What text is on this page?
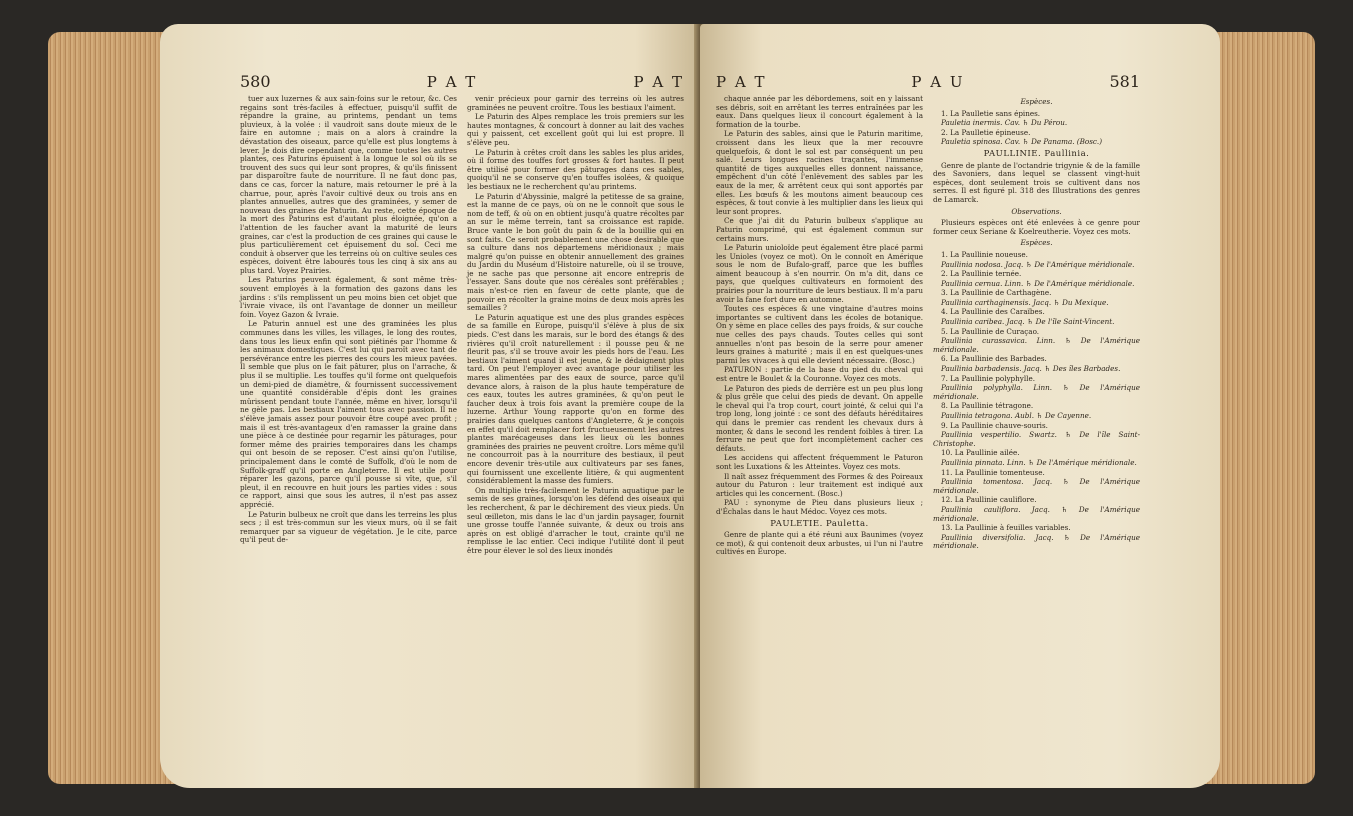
580	P A T	P A T

tuer aux luzernes & aux sain-foins sur le retour, &c. Ces regains sont très-faciles à effectuer, puisqu'il suffit de répandre la graine, au printems, pendant un tems pluvieux, à la volée : il vaudroit sans doute mieux de le faire en automne ; mais on a alors à craindre la dévastation des oiseaux, parce qu'elle est plus longtems à lever. Je dois dire cependant que, comme toutes les autres plantes, ces Paturins épuisent à la longue le sol où ils se trouvent des sucs qui leur sont propres, & qu'ils finissent par disparoître faute de nourriture. Il ne faut donc pas, dans ce cas, forcer la nature, mais retourner le pré à la charrue, pour, après l'avoir cultivé deux ou trois ans en plantes annuelles, autres que des graminées, y semer de nouveau des graines de Paturin. Au reste, cette époque de la mort des Paturins est d'autant plus éloignée, qu'on a l'attention de les faucher avant la maturité de leurs graines, car c'est la production de ces graines qui cause le plus particulièrement cet épuisement du sol. Ceci me conduit à observer que les terreins où on cultive seules ces espèces, doivent être labourés tous les cinq à six ans au plus tard. Voyez Prairies.

Les Paturins peuvent également, & sont même très-souvent employés à la formation des gazons dans les jardins : s'ils remplissent un peu moins bien cet objet que l'ivraie vivace, ils ont l'avantage de donner un meilleur foin. Voyez Gazon & Ivraie.

Le Paturin annuel est une des graminées les plus communes dans les villes, les villages, le long des routes, dans tous les lieux enfin qui sont piétinés par l'homme & les animaux domestiques. C'est lui qui paroît avec tant de persévérance entre les pierres des cours les mieux pavées. Il semble que plus on le fait pâturer, plus on l'arrache, & plus il se multiplie. Les touffes qu'il forme ont quelquefois un demi-pied de diamètre, & fournissent successivement une quantité considérable d'épis dont les graines mûrissent pendant toute l'année, même en hiver, lorsqu'il ne gèle pas. Les bestiaux l'aiment tous avec passion. Il ne s'élève jamais assez pour pouvoir être coupé avec profit ; mais il est très-avantageux d'en ramasser la graine dans une pièce à ce destinée pour regarnir les pâturages, pour former même des prairies temporaires dans les champs qui ont besoin de se reposer. C'est ainsi qu'on l'utilise, principalement dans le comté de Suffolk, d'où le nom de Suffolk-graff qu'il porte en Angleterre. Il est utile pour réparer les gazons, parce qu'il pousse si vîte, que, s'il pleut, il en recouvre en huit jours les parties vides : sous ce rapport, ainsi que sous les autres, il n'est pas assez apprécié.

Le Paturin bulbeux ne croît que dans les terreins les plus secs ; il est très-commun sur les vieux murs, où il se fait remarquer par sa vigueur de végétation. Je le cite, parce qu'il peut de-

venir précieux pour garnir des terreins où les autres graminées ne peuvent croître. Tous les bestiaux l'aiment.

Le Paturin des Alpes remplace les trois premiers sur les hautes montagnes, & concourt à donner au lait des vaches qui y paissent, cet excellent goût qui lui est propre. Il s'élève peu.

Le Paturin à crêtes croît dans les sables les plus arides, où il forme des touffes fort grosses & fort hautes. Il peut être utilisé pour former des pâturages dans ces sables, quoiqu'il ne se conserve qu'en touffes isolées, & quoique les bestiaux ne le recherchent qu'au printems.

Le Paturin d'Abyssinie, malgré la petitesse de sa graine, est la manne de ce pays, où on ne le connoît que sous le nom de teff, & où on en obtient jusqu'à quatre récoltes par an sur le même terrein, tant sa croissance est rapide. Bruce vante le bon goût du pain & de la bouillie qui en sont faits. Ce seroit probablement une chose desirable que sa culture dans nos départemens méridionaux ; mais malgré qu'on puisse en obtenir annuellement des graines du Jardin du Muséum d'Histoire naturelle, où il se trouve, je ne sache pas que personne ait encore entrepris de l'essayer. Sans doute que nos céréales sont préférables ; mais n'est-ce rien en faveur de cette plante, que de pouvoir en récolter la graine moins de deux mois après les semailles ?

Le Paturin aquatique est une des plus grandes espèces de sa famille en Europe, puisqu'il s'élève à plus de six pieds. C'est dans les marais, sur le bord des étangs & des rivières qu'il croît naturellement : il pousse peu & ne fleurit pas, s'il se trouve avoir les pieds hors de l'eau. Les bestiaux l'aiment quand il est jeune, & le dédaignent plus tard. On peut l'employer avec avantage pour utiliser les mares alimentées par des eaux de source, parce qu'il devance alors, à raison de la plus haute température de ces eaux, toutes les autres graminées, & qu'on peut le faucher deux à trois fois avant la première coupe de la luzerne. Arthur Young rapporte qu'on en forme des prairies dans quelques cantons d'Angleterre, & je conçois en effet qu'il doit remplacer fort fructueusement les autres plantes marécageuses dans les lieux où les bonnes graminées des prairies ne peuvent croître. Lors même qu'il ne concourroit pas à la nourriture des bestiaux, il peut encore devenir très-utile aux cultivateurs par ses fanes, qui fournissent une excellente litière, & qui augmentent considérablement la masse des fumiers.

On multiplie très-facilement le Paturin aquatique par le semis de ses graines, lorsqu'on les défend des oiseaux qui les recherchent, & par le déchirement des vieux pieds. Un seul œilleton, mis dans le lac d'un jardin paysager, fournit une grosse touffe l'année suivante, & deux ou trois ans après on est obligé d'arracher le tout, crainte qu'il ne remplisse le lac entier. Ceci indique l'utilité dont il peut être pour élever le sol des lieux inondés

P A T	P A U	581

chaque année par les débordemens, soit en y laissant ses débris, soit en arrêtant les terres entraînées par les eaux. Dans quelques lieux il concourt également à la formation de la tourbe.

Le Paturin des sables, ainsi que le Paturin maritime, croissent dans les lieux que la mer recouvre quelquefois, & dont le sol est par conséquent un peu salé. Leurs longues racines traçantes, l'immense quantité de tiges auxquelles elles donnent naissance, empêchent d'un côté l'enlèvement des sables par les eaux de la mer, & arrêtent ceux qui sont apportés par elles. Les bœufs & les moutons aiment beaucoup ces espèces, & tout convie à les multiplier dans les lieux qui leur sont propres.

Ce que j'ai dit du Paturin bulbeux s'applique au Paturin comprimé, qui est également commun sur certains murs.

Le Paturin unioloïde peut également être placé parmi les Unioles (voyez ce mot). On le connoît en Amérique sous le nom de Bufalo-graff, parce que les buffles aiment beaucoup à s'en nourrir. On m'a dit, dans ce pays, que quelques cultivateurs en formoient des prairies pour la nourriture de leurs bestiaux. Il m'a paru avoir la fane fort dure en automne.

Toutes ces espèces & une vingtaine d'autres moins importantes se cultivent dans les écoles de botanique. On y sème en place celles des pays froids, & sur couche nue celles des pays chauds. Toutes celles qui sont annuelles n'ont pas besoin de la serre pour amener leurs graines à maturité ; mais il en est quelques-unes parmi les vivaces à qui elle devient nécessaire. (Bosc.)

PATURON : partie de la base du pied du cheval qui est entre le Boulet & la Couronne. Voyez ces mots.

Le Paturon des pieds de derrière est un peu plus long & plus grêle que celui des pieds de devant. On appelle le cheval qui l'a trop court, court jointé, & celui qui l'a trop long, long jointé : ce sont des défauts héréditaires qui dans le premier cas rendent les chevaux durs à monter, & dans le second les rendent foibles à tirer. La ferrure ne peut que fort incomplètement cacher ces défauts.

Les accidens qui affectent fréquemment le Paturon sont les Luxations & les Atteintes. Voyez ces mots.

Il naît assez fréquemment des Formes & des Poireaux autour du Paturon : leur traitement est indiqué aux articles qui les concernent. (Bosc.)

PAU : synonyme de Pieu dans plusieurs lieux ; d'Échalas dans le haut Médoc. Voyez ces mots.

PAULETIE. Pauletta.

Genre de plante qui a été réuni aux Baunimes (voyez ce mot), & qui contenoit deux arbustes, ui l'un ni l'autre cultivés en Europe.

Espèces.

1. La Paulletie sans épines.

Pauletia inermis. Cav. ♄ Du Pérou.

2. La Paulletie épineuse.

Pauletia spinosa. Cav. ♄ De Panama. (Bosc.)

PAULLINIE. Paullinia.

Genre de plante de l'octandrie trigynie & de la famille des Savoniers, dans lequel se classent vingt-huit espèces, dont seulement trois se cultivent dans nos serres. Il est figuré pl. 318 des Illustrations des genres de Lamarck.

Observations.

Plusieurs espèces ont été enlevées à ce genre pour former ceux Seriane & Koelreutherie. Voyez ces mots.

Espèces.

1. La Paullinie noueuse.

Paullinia nodosa. Jacq. ♄ De l'Amérique méridionale.

2. La Paullinie ternée.

Paullinia cernua. Linn. ♄ De l'Amérique méridionale.

3. La Paullinie de Carthagène.

Paullinia carthaginensis. Jacq. ♄ Du Mexique.

4. La Paullinie des Caraïbes.

Paullinia caribea. Jacq. ♄ De l'île Saint-Vincent.

5. La Paullinie de Curaçao.

Paullinia curassavica. Linn. ♄ De l'Amérique méridionale.

6. La Paullinie des Barbades.

Paullinia barbadensis. Jacq. ♄ Des îles Barbades.

7. La Paullinie polyphylle.

Paullinia polyphylla. Linn. ♄ De l'Amérique méridionale.

8. La Paullinie tétragone.

Paullinia tetragona. Aubl. ♄ De Cayenne.

9. La Paullinie chauve-souris.

Paullinia vespertilio. Swartz. ♄ De l'île Saint-Christophe.

10. La Paullinie ailée.

Paullinia pinnata. Linn. ♄ De l'Amérique méridionale.

11. La Paullinie tomenteuse.

Paullinia tomentosa. Jacq. ♄ De l'Amérique méridionale.

12. La Paullinie cauliflore.

Paullinia cauliflora. Jacq. ♄ De l'Amérique méridionale.

13. La Paullinie à feuilles variables.

Paullinia diversifolia. Jacq. ♄ De l'Amérique méridionale.
